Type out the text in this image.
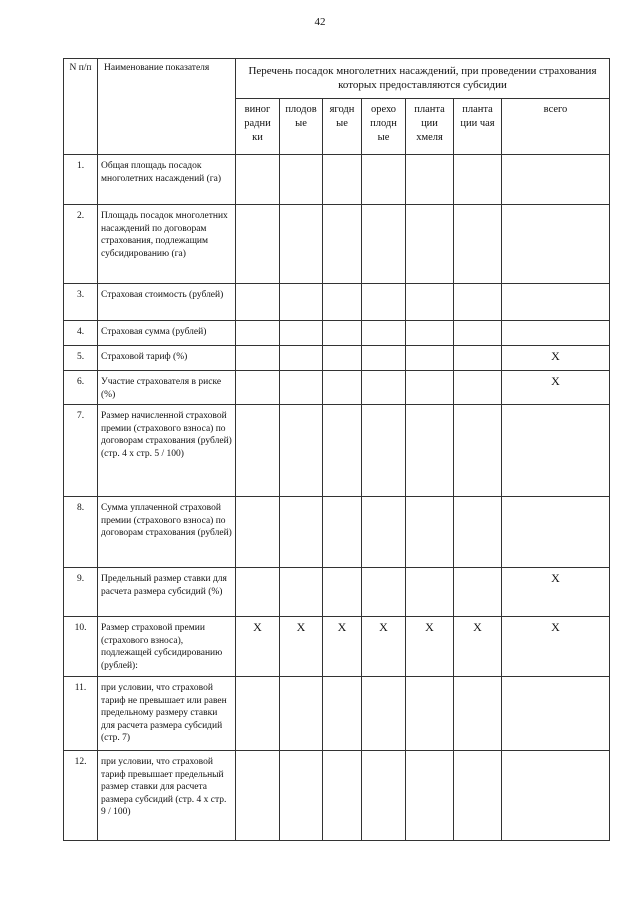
42
N п/п	Наименование показателя	Перечень посадок многолетних насаждений, при проведении страхования которых предоставляются субсидии						
		виног радни ки	плодов ые	ягодн ые	орехо плодн ые	планта ции хмеля	планта ции чая	всего
1.	Общая площадь посадок многолетних насаждений (га)							
2.	Площадь посадок многолетних насаждений по договорам страхования, подлежащим субсидированию (га)							
3.	Страховая стоимость (рублей)							
4.	Страховая сумма (рублей)							
5.	Страховой тариф (%)							X
6.	Участие страхователя в риске (%)							X
7.	Размер начисленной страховой премии (страхового взноса) по договорам страхования (рублей) (стр. 4 x стр. 5 / 100)							
8.	Сумма уплаченной страховой премии (страхового взноса) по договорам страхования (рублей)							
9.	Предельный размер ставки для расчета размера субсидий (%)							X
10.	Размер страховой премии (страхового взноса), подлежащей субсидированию (рублей):	X	X	X	X	X	X	X
11.	при условии, что страховой тариф не превышает или равен предельному размеру ставки для расчета размера субсидий (стр. 7)							
12.	при условии, что страховой тариф превышает предельный размер ставки для расчета размера субсидий (стр. 4 x стр. 9 / 100)							
